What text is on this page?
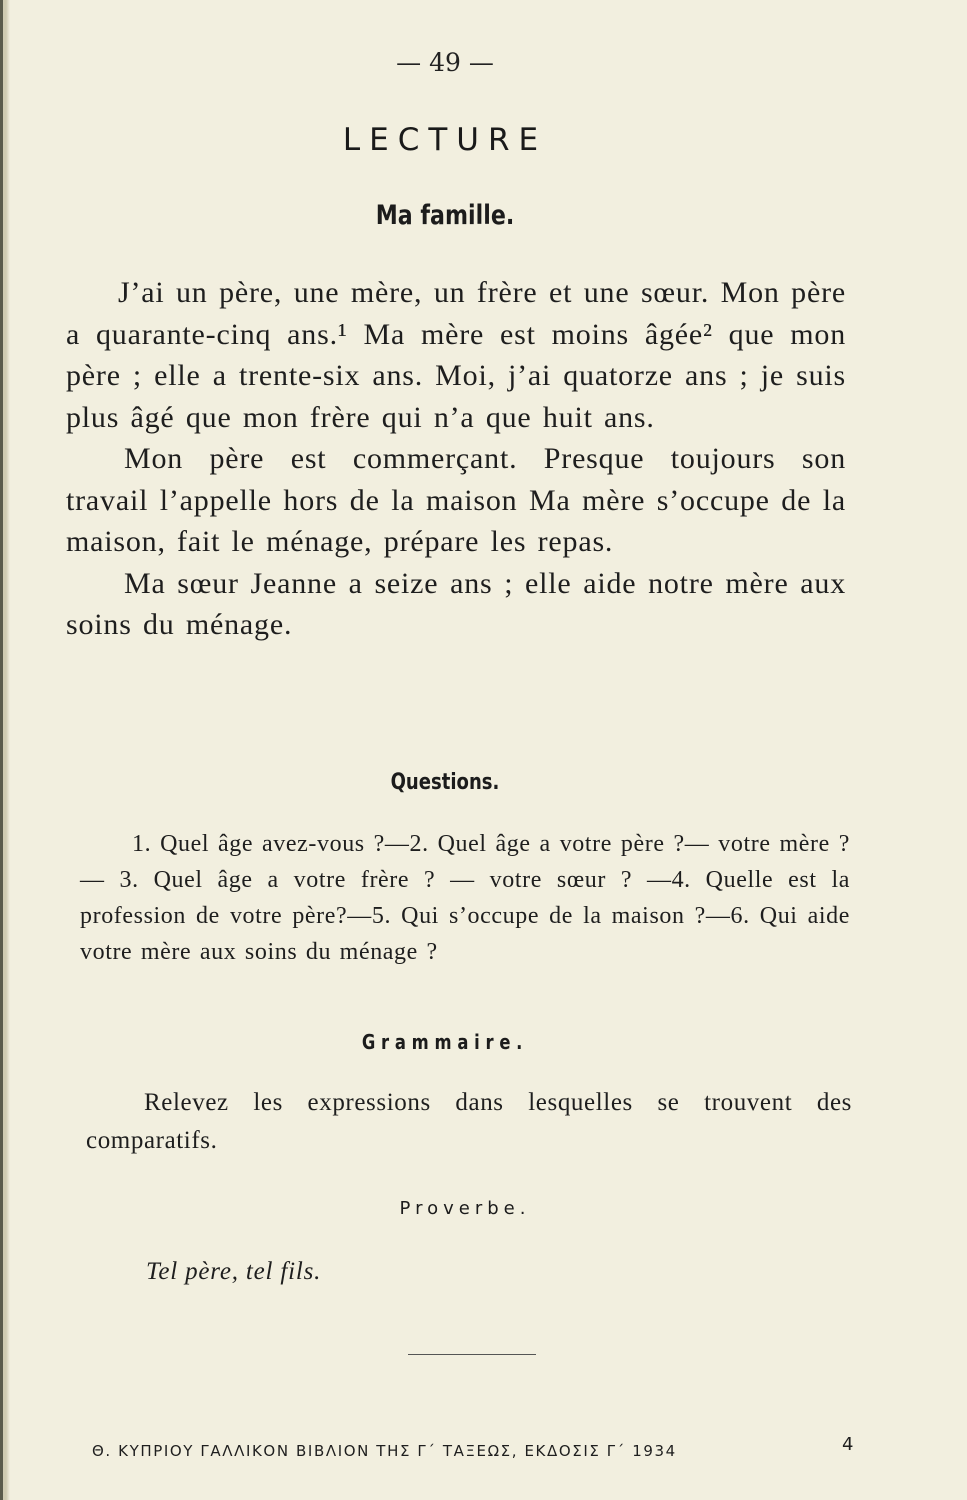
— 49 —
LECTURE
Ma famille.

J’ai un père, une mère, un frère et une sœur. Mon père a quarante-cinq ans.¹ Ma mère est moins âgée² que mon père ; elle a trente-six ans. Moi, j’ai quatorze ans ; je suis plus âgé que mon frère qui n’a que huit ans.

Mon père est commerçant. Presque toujours son travail l’appelle hors de la maison Ma mère s’occupe de la maison, fait le ménage, prépare les repas.

Ma sœur Jeanne a seize ans ; elle aide notre mère aux soins du ménage.

Questions.

1. Quel âge avez-vous ?—2. Quel âge a votre père ?— votre mère ? — 3. Quel âge a votre frère ? — votre sœur ? —4. Quelle est la profession de votre père?—5. Qui s’occupe de la maison ?—6. Qui aide votre mère aux soins du ménage ?

Grammaire.

Relevez les expressions dans lesquelles se trouvent des comparatifs.

Proverbe.

Tel père, tel fils.

Θ. ΚΥΠΡΙΟΥ ΓΑΛΛΙΚΟΝ ΒΙΒΛΙΟΝ ΤΗΣ Γ΄ ΤΑΞΕΩΣ, ΕΚΔΟΣΙΣ Γ΄ 1934	4
